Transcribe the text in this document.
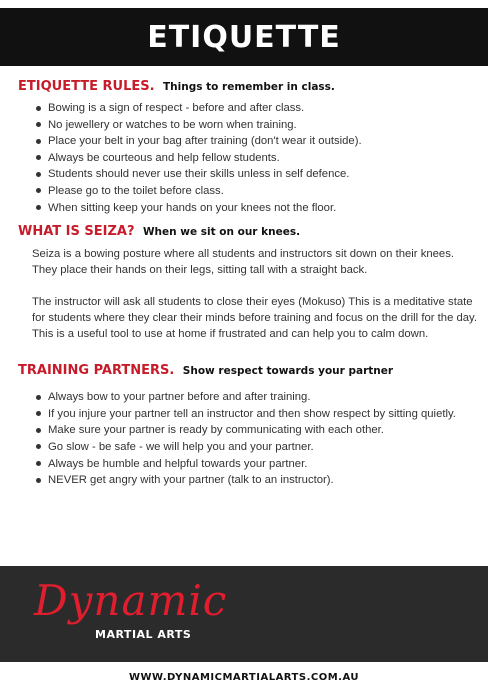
ETIQUETTE

ETIQUETTE RULES. Things to remember in class.

Bowing is a sign of respect - before and after class.
No jewellery or watches to be worn when training.
Place your belt in your bag after training (don't wear it outside).
Always be courteous and help fellow students.
Students should never use their skills unless in self defence.
Please go to the toilet before class.
When sitting keep your hands on your knees not the floor.

WHAT IS SEIZA? When we sit on our knees.

Seiza is a bowing posture where all students and instructors sit down on their knees. They place their hands on their legs, sitting tall with a straight back.

The instructor will ask all students to close their eyes (Mokuso) This is a meditative state for students where they clear their minds before training and focus on the drill for the day. This is a useful tool to use at home if frustrated and can help you to calm down.

TRAINING PARTNERS. Show respect towards your partner

Always bow to your partner before and after training.
If you injure your partner tell an instructor and then show respect by sitting quietly.
Make sure your partner is ready by communicating with each other.
Go slow - be safe - we will help you and your partner.
Always be humble and helpful towards your partner.
NEVER get angry with your partner (talk to an instructor).
Dynamic
MARTIAL ARTS
WWW.DYNAMICMARTIALARTS.COM.AU
